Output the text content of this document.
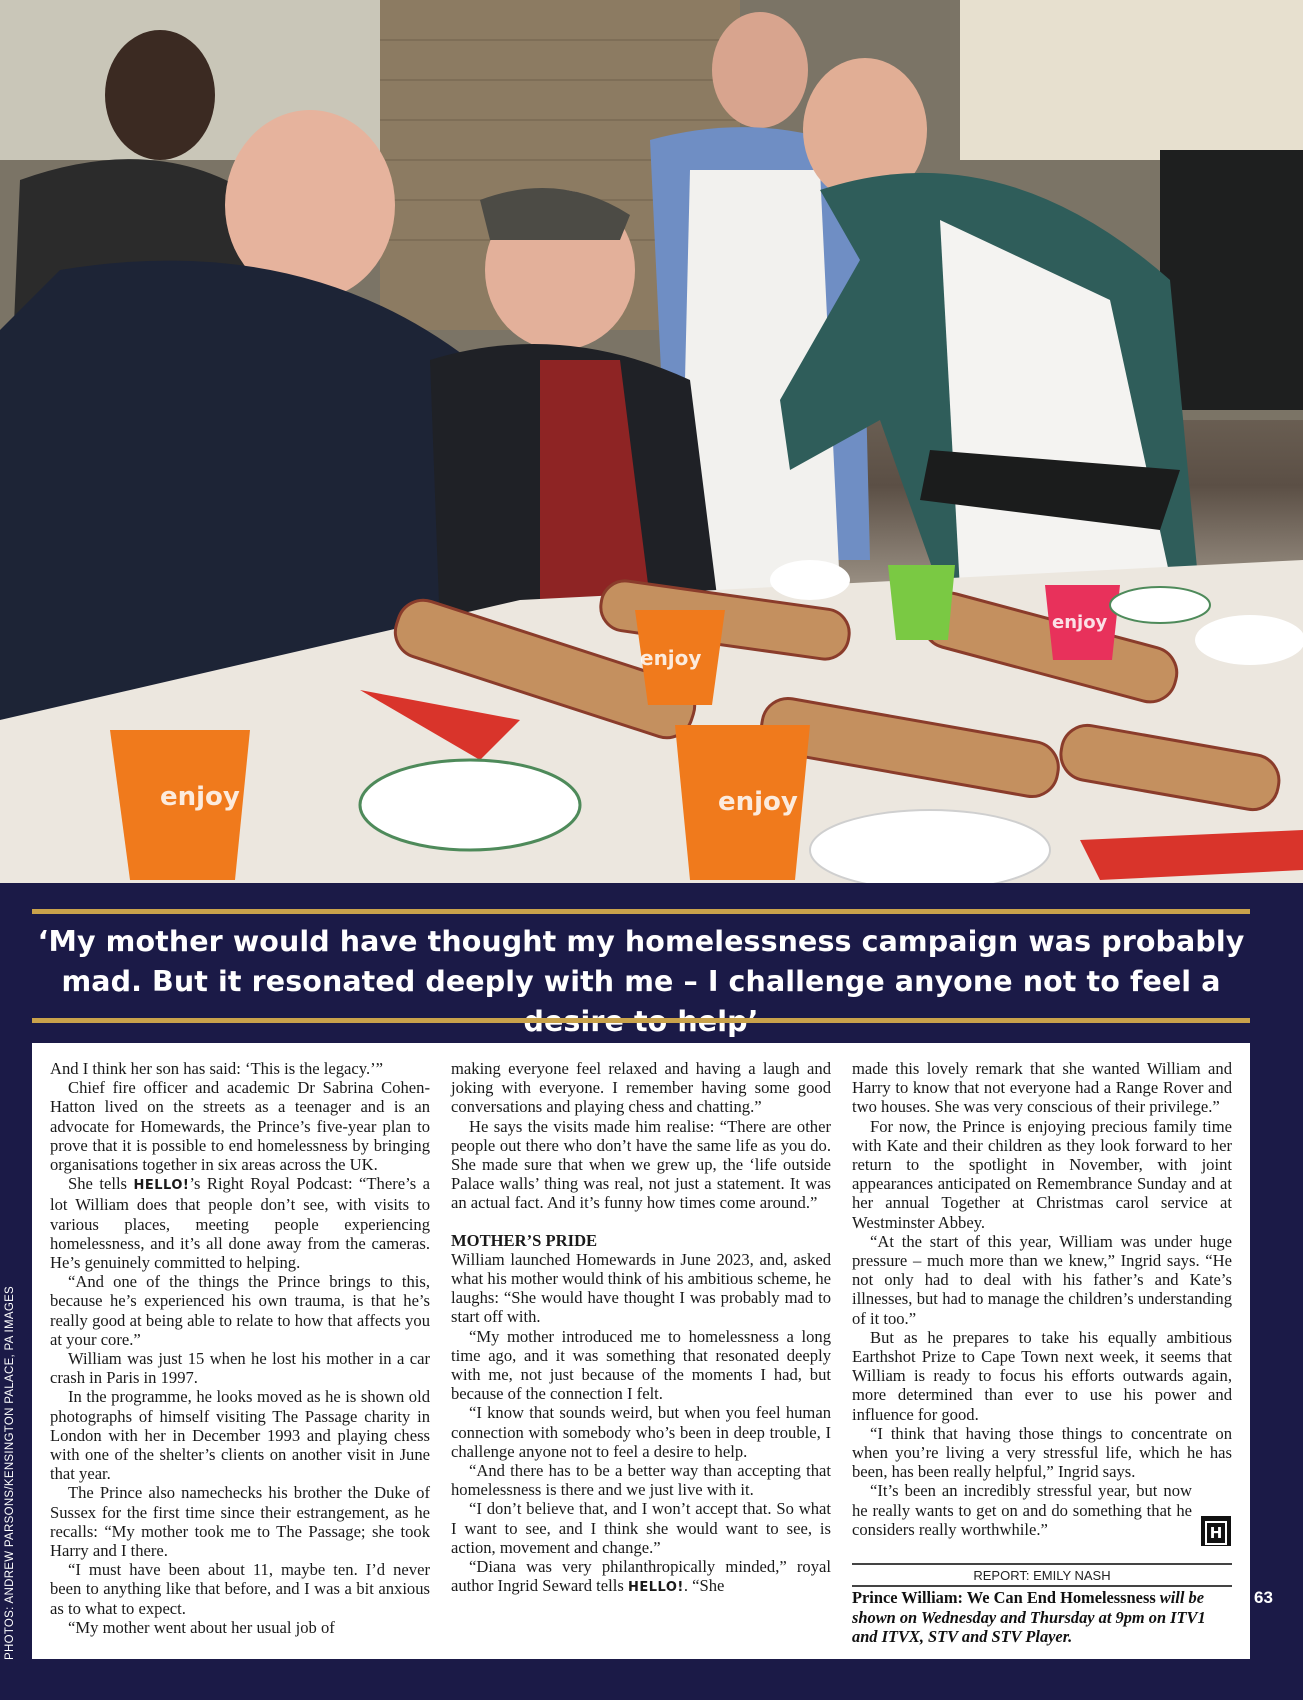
enjoy
enjoy
enjoy
enjoy
‘My mother would have thought my homelessness campaign was probably mad. But it resonated deeply with me – I challenge anyone not to feel a

And I think her son has said: ‘This is the legacy.’”

Chief fire officer and academic Dr Sabrina Cohen-Hatton lived on the streets as a teenager and is an advocate for Homewards, the Prince’s five-year plan to prove that it is possible to end homelessness by bringing organisations together in six areas across the UK.

She tells HELLO!’s Right Royal Podcast: “There’s a lot William does that people don’t see, with visits to various places, meeting people experiencing homelessness, and it’s all done away from the cameras. He’s genuinely committed to helping.

“And one of the things the Prince brings to this, because he’s experienced his own trauma, is that he’s really good at being able to relate to how that affects you at your core.”

William was just 15 when he lost his mother in a car crash in Paris in 1997.

In the programme, he looks moved as he is shown old photographs of himself visiting The Passage charity in London with her in December 1993 and playing chess with one of the shelter’s clients on another visit in June that year.

The Prince also namechecks his brother the Duke of Sussex for the first time since their estrangement, as he recalls: “My mother took me to The Passage; she took Harry and I there.

“I must have been about 11, maybe ten. I’d never been to anything like that before, and I was a bit anxious as to what to expect.

“My mother went about her usual job of

making everyone feel relaxed and having a laugh and joking with everyone. I remember having some good conversations and playing chess and chatting.”

He says the visits made him realise: “There are other people out there who don’t have the same life as you do. She made sure that when we grew up, the ‘life outside Palace walls’ thing was real, not just a statement. It was an actual fact. And it’s funny how times come around.”

MOTHER’S PRIDE

William launched Homewards in June 2023, and, asked what his mother would think of his ambitious scheme, he laughs: “She would have thought I was probably mad to start off with.

“My mother introduced me to homelessness a long time ago, and it was something that resonated deeply with me, not just because of the moments I had, but because of the connection I felt.

“I know that sounds weird, but when you feel human connection with somebody who’s been in deep trouble, I challenge anyone not to feel a desire to help.

“And there has to be a better way than accepting that homelessness is there and we just live with it.

“I don’t believe that, and I won’t accept that. So what I want to see, and I think she would want to see, is action, movement and change.”

“Diana was very philanthropically minded,” royal author Ingrid Seward tells HELLO!. “She

made this lovely remark that she wanted William and Harry to know that not everyone had a Range Rover and two houses. She was very conscious of their privilege.”

For now, the Prince is enjoying precious family time with Kate and their children as they look forward to her return to the spotlight in November, with joint appearances anticipated on Remembrance Sunday and at her annual Together at Christmas carol service at Westminster Abbey.

“At the start of this year, William was under huge pressure – much more than we knew,” Ingrid says. “He not only had to deal with his father’s and Kate’s illnesses, but had to manage the children’s understanding of it too.”

But as he prepares to take his equally ambitious Earthshot Prize to Cape Town next week, it seems that William is ready to focus his efforts outwards again, more determined than ever to use his power and influence for good.

“I think that having those things to concentrate on when you’re living a very stressful life, which he has been, has been really helpful,” Ingrid says.

“It’s been an incredibly stressful year, but now he really wants to get on and do something that he considers really worthwhile.”	H
REPORT: EMILY NASH
Prince William: We Can End Homelessness will be shown on Wednesday and Thursday at 9pm on ITV1 and ITVX, STV and STV Player.
PHOTOS: ANDREW PARSONS/KENSINGTON PALACE, PA IMAGES	63
